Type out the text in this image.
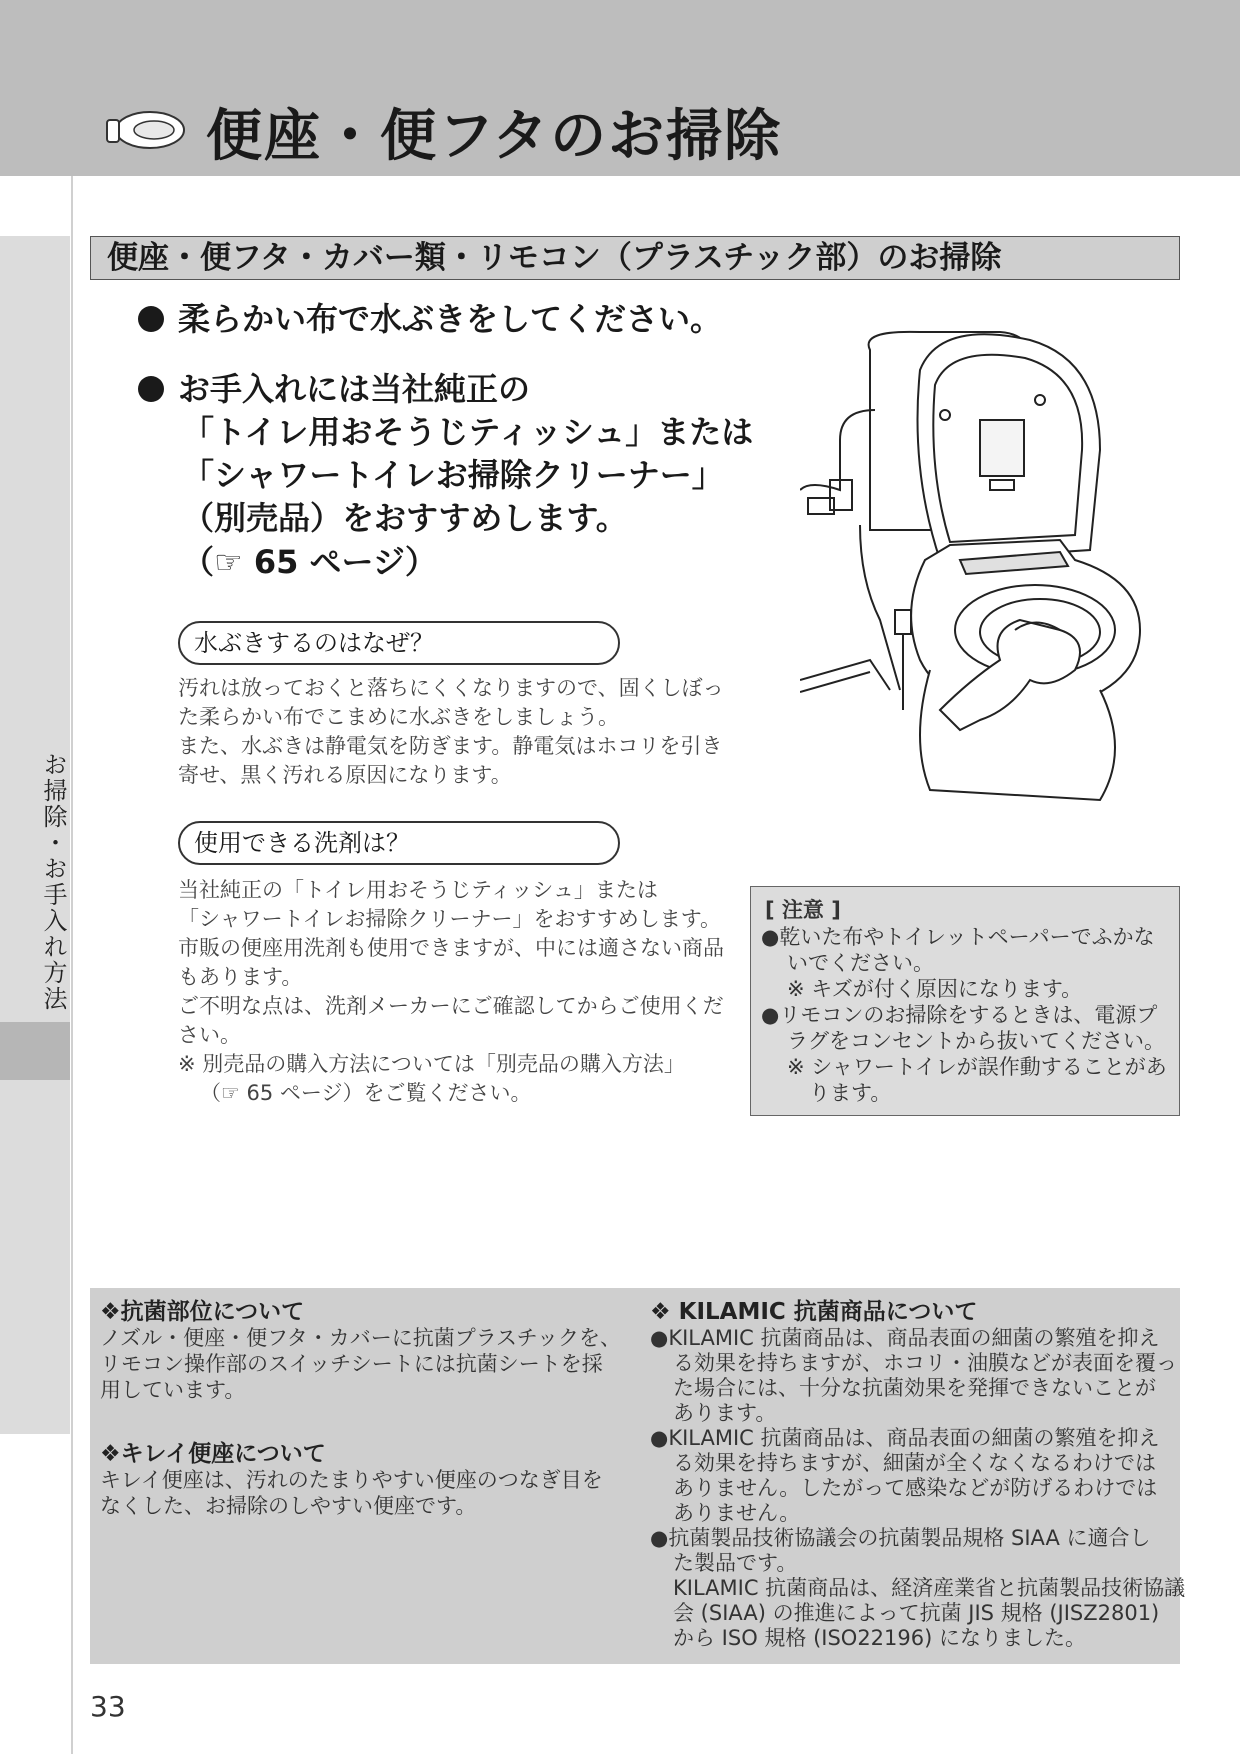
便座・便フタのお掃除
お掃除・お手入れ方法
便座・便フタ・カバー類・リモコン（プラスチック部）のお掃除
柔らかい布で水ぶきをしてください。
お手入れには当社純正の
「トイレ用おそうじティッシュ」または
「シャワートイレお掃除クリーナー」
（別売品）をおすすめします。
（☞ 65 ページ）
水ぶきするのはなぜ？
汚れは放っておくと落ちにくくなりますので、固くしぼっ
た柔らかい布でこまめに水ぶきをしましょう。
また、水ぶきは静電気を防ぎます。静電気はホコリを引き
寄せ、黒く汚れる原因になります。
使用できる洗剤は？
当社純正の「トイレ用おそうじティッシュ」または
「シャワートイレお掃除クリーナー」をおすすめします。
市販の便座用洗剤も使用できますが、中には適さない商品
もあります。
ご不明な点は、洗剤メーカーにご確認してからご使用くだ
さい。
※ 別売品の購入方法については「別売品の購入方法」
（☞ 65 ページ）をご覧ください。
[ 注意 ]
●乾いた布やトイレットペーパーでふかな
いでください。
※ キズが付く原因になります。
●リモコンのお掃除をするときは、電源プ
ラグをコンセントから抜いてください。
※ シャワートイレが誤作動することがあ
ります。
❖抗菌部位について
ノズル・便座・便フタ・カバーに抗菌プラスチックを、
リモコン操作部のスイッチシートには抗菌シートを採
用しています。
❖キレイ便座について
キレイ便座は、汚れのたまりやすい便座のつなぎ目を
なくした、お掃除のしやすい便座です。
❖ KILAMIC 抗菌商品について
●KILAMIC 抗菌商品は、商品表面の細菌の繁殖を抑え
る効果を持ちますが、ホコリ・油膜などが表面を覆っ
た場合には、十分な抗菌効果を発揮できないことが
あります。
●KILAMIC 抗菌商品は、商品表面の細菌の繁殖を抑え
る効果を持ちますが、細菌が全くなくなるわけでは
ありません。したがって感染などが防げるわけでは
ありません。
●抗菌製品技術協議会の抗菌製品規格 SIAA に適合し
た製品です。
KILAMIC 抗菌商品は、経済産業省と抗菌製品技術協議
会 (SIAA) の推進によって抗菌 JIS 規格 (JISZ2801)
から ISO 規格 (ISO22196) になりました。
33
